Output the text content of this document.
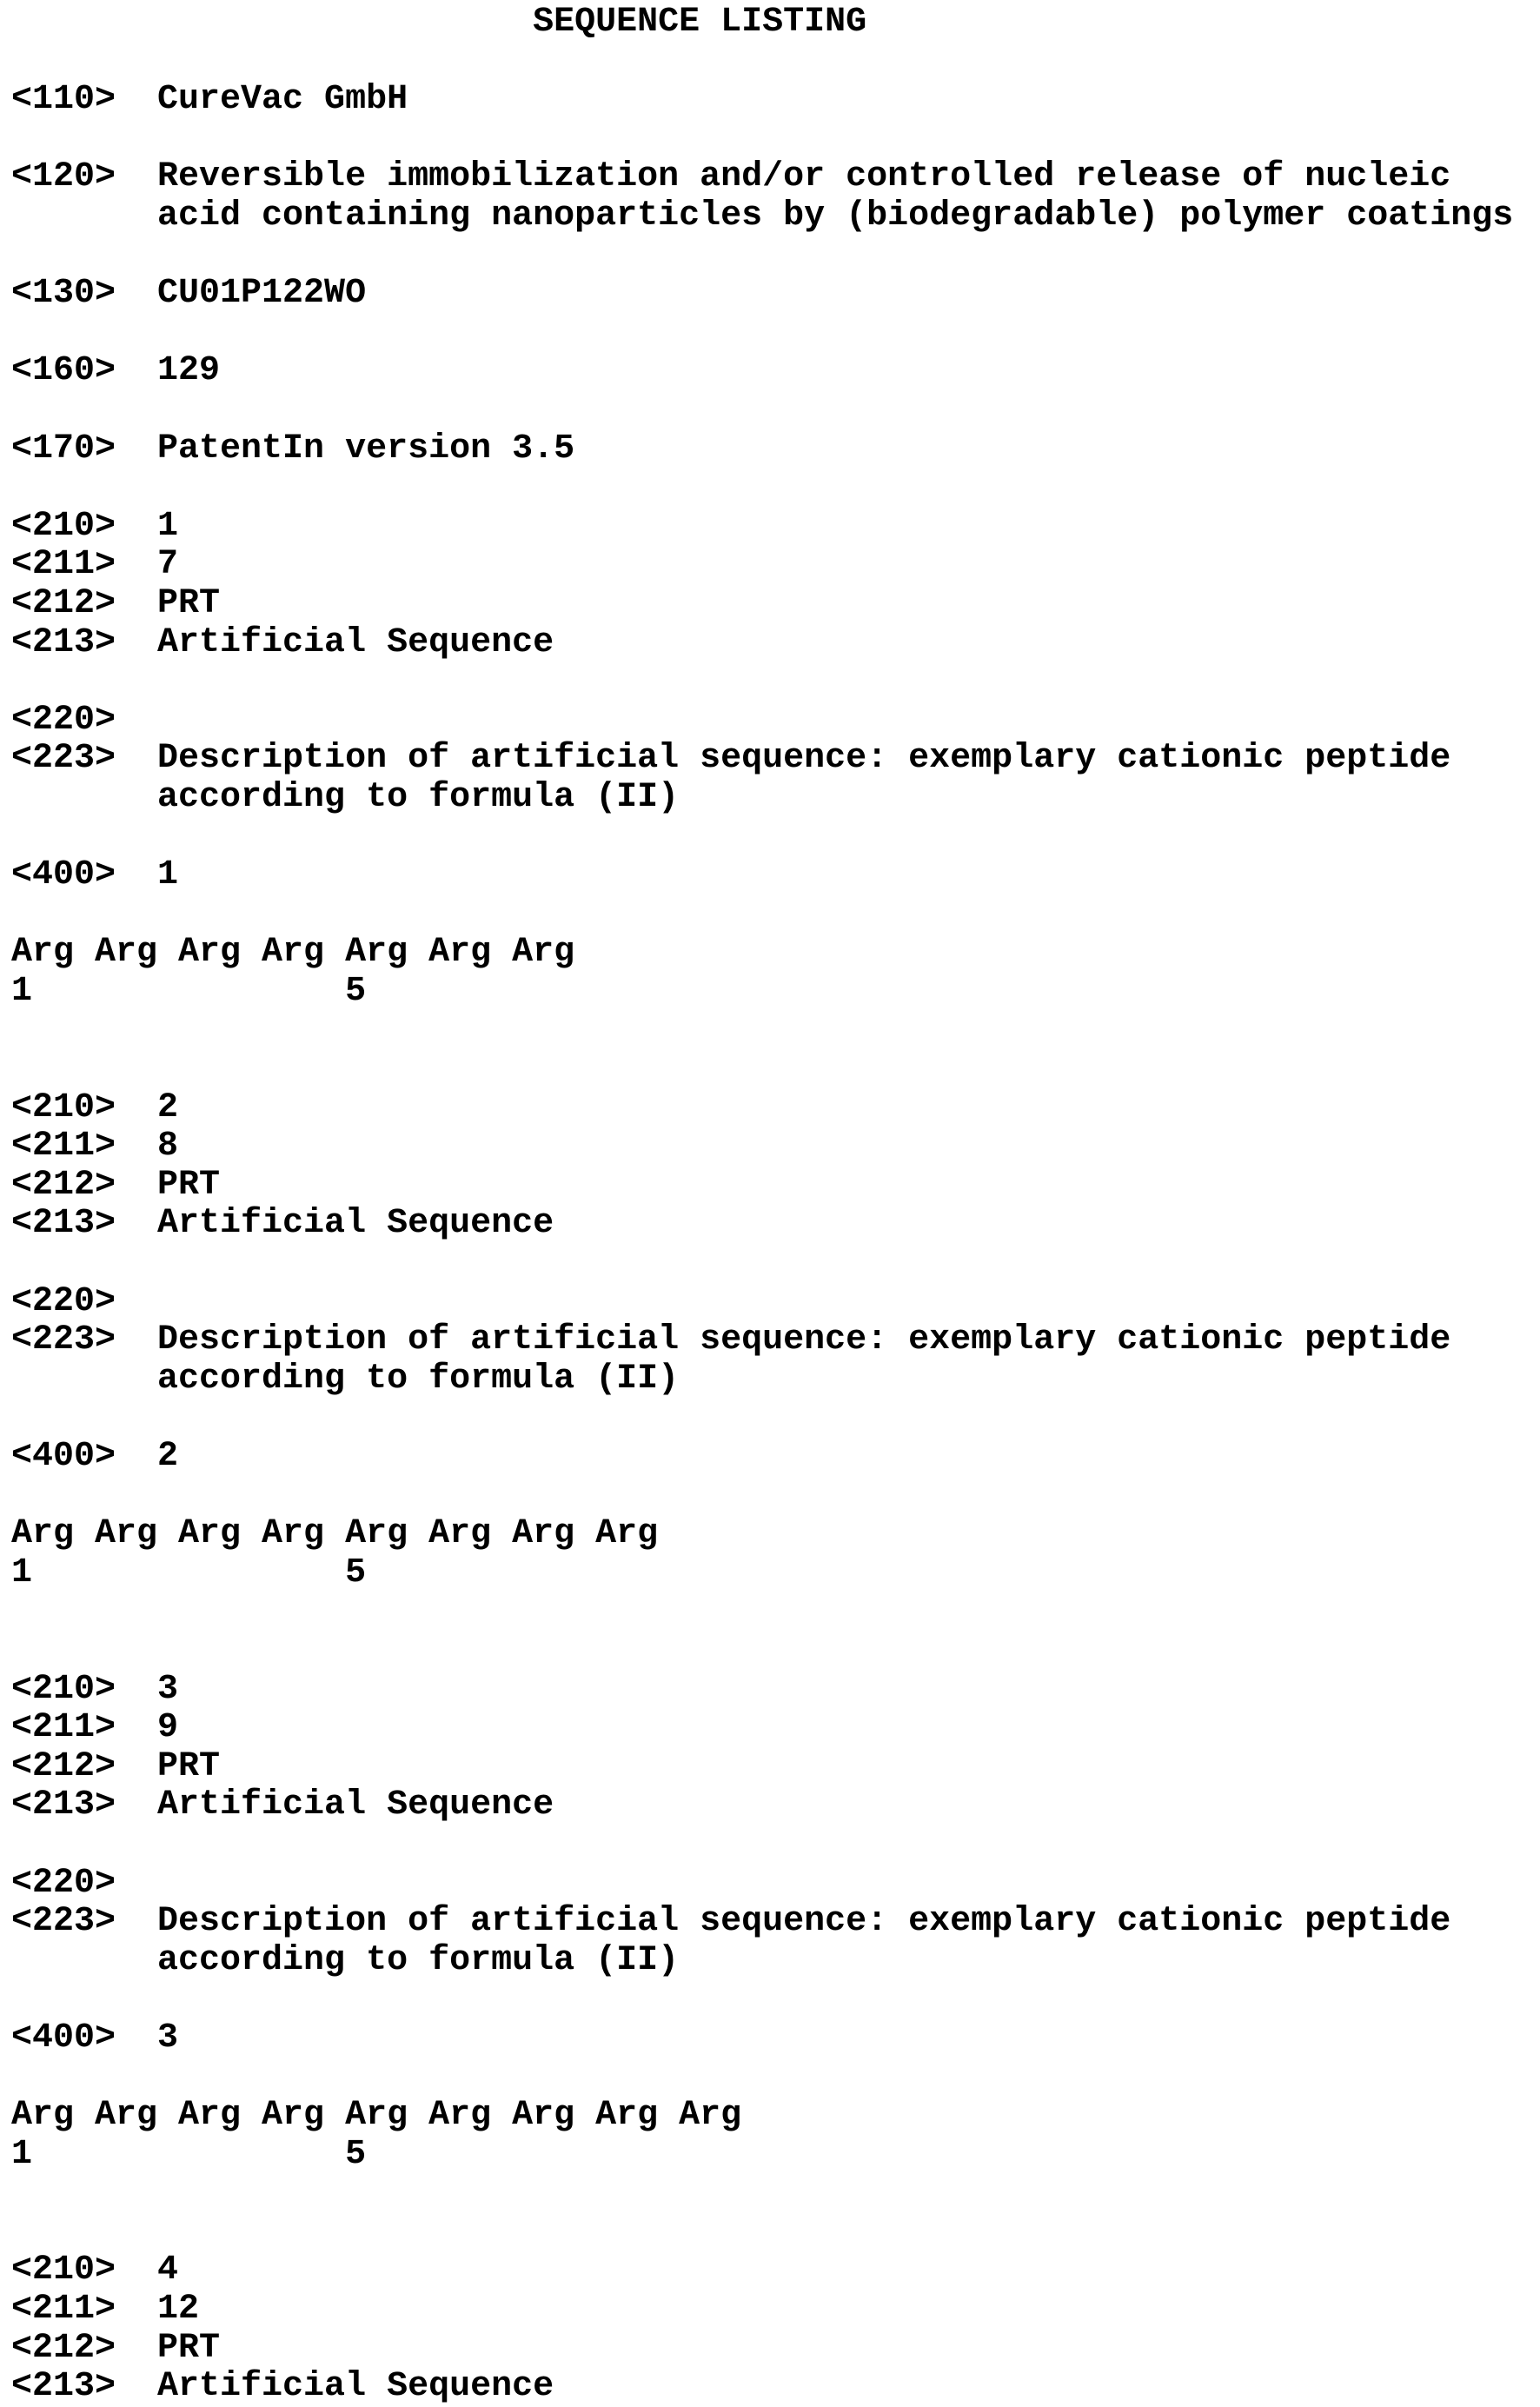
SEQUENCE LISTING
<110>  CureVac GmbH
<120>  Reversible immobilization and/or controlled release of nucleic
acid containing nanoparticles by (biodegradable) polymer coatings
<130>  CU01P122WO
<160>  129
<170>  PatentIn version 3.5
<210>  1
<211>  7
<212>  PRT
<213>  Artificial Sequence
<220>
<223>  Description of artificial sequence: exemplary cationic peptide
according to formula (II)
<400>  1
Arg Arg Arg Arg Arg Arg Arg
1               5
<210>  2
<211>  8
<212>  PRT
<213>  Artificial Sequence
<220>
<223>  Description of artificial sequence: exemplary cationic peptide
according to formula (II)
<400>  2
Arg Arg Arg Arg Arg Arg Arg Arg
1               5
<210>  3
<211>  9
<212>  PRT
<213>  Artificial Sequence
<220>
<223>  Description of artificial sequence: exemplary cationic peptide
according to formula (II)
<400>  3
Arg Arg Arg Arg Arg Arg Arg Arg Arg
1               5
<210>  4
<211>  12
<212>  PRT
<213>  Artificial Sequence
